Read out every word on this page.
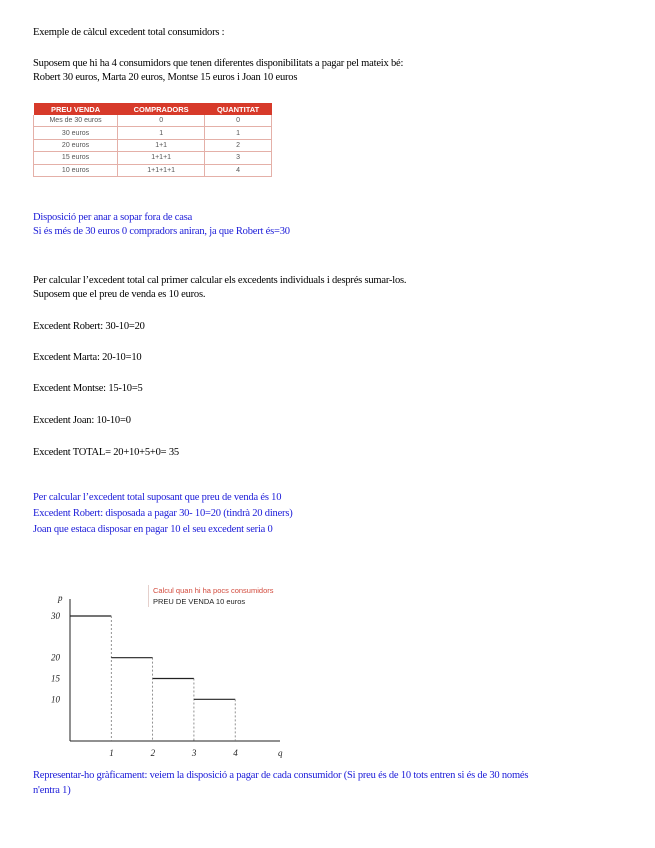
Exemple de càlcul excedent total consumidors :
Suposem que hi ha 4 consumidors que tenen diferentes disponibilitats a pagar pel mateix bé:
Robert 30 euros, Marta 20 euros, Montse 15 euros i Joan 10 euros
PREU VENDA	COMPRADORS	QUANTITAT
Mes de 30 euros	0	0
30 euros	1	1
20 euros	1+1	2
15 euros	1+1+1	3
10 euros	1+1+1+1	4
Disposició per anar a sopar fora de casa
Si és més de 30 euros 0 compradors aniran, ja que Robert és=30
Per calcular l’excedent total cal primer calcular els excedents individuals i després sumar-los.
Suposem que el preu de venda es 10 euros.
Excedent Robert: 30-10=20
Excedent Marta: 20-10=10
Excedent Montse: 15-10=5
Excedent Joan: 10-10=0
Excedent TOTAL= 20+10+5+0= 35
Per calcular l’excedent total suposant que preu de venda és 10
Excedent Robert: disposada a pagar 30- 10=20 (tindrà 20 diners)
Joan que estaca disposar en pagar 10 el seu excedent seria 0
p
q
30
1
20
2
15
3
10
4
Calcul quan hi ha pocs consumidors
PREU DE VENDA 10 euros
Representar-ho gràficament: veiem la disposició a pagar de cada consumidor (Si preu és de 10 tots entren si és de 30 només
n'entra 1)
